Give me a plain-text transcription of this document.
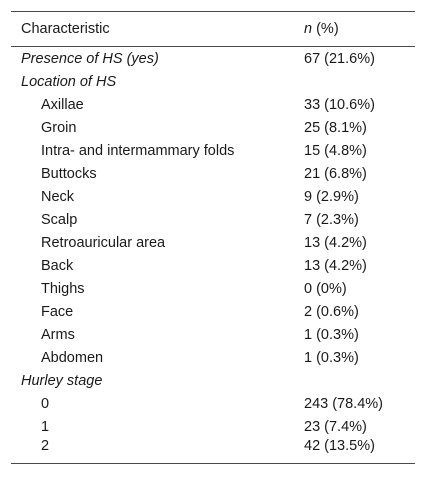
Characteristic	n (%)
Presence of HS (yes)	67 (21.6%)
Location of HS	
Axillae	33 (10.6%)
Groin	25 (8.1%)
Intra- and intermammary folds	15 (4.8%)
Buttocks	21 (6.8%)
Neck	9 (2.9%)
Scalp	7 (2.3%)
Retroauricular area	13 (4.2%)
Back	13 (4.2%)
Thighs	0 (0%)
Face	2 (0.6%)
Arms	1 (0.3%)
Abdomen	1 (0.3%)
Hurley stage	
0	243 (78.4%)
1	23 (7.4%)
2	42 (13.5%)
